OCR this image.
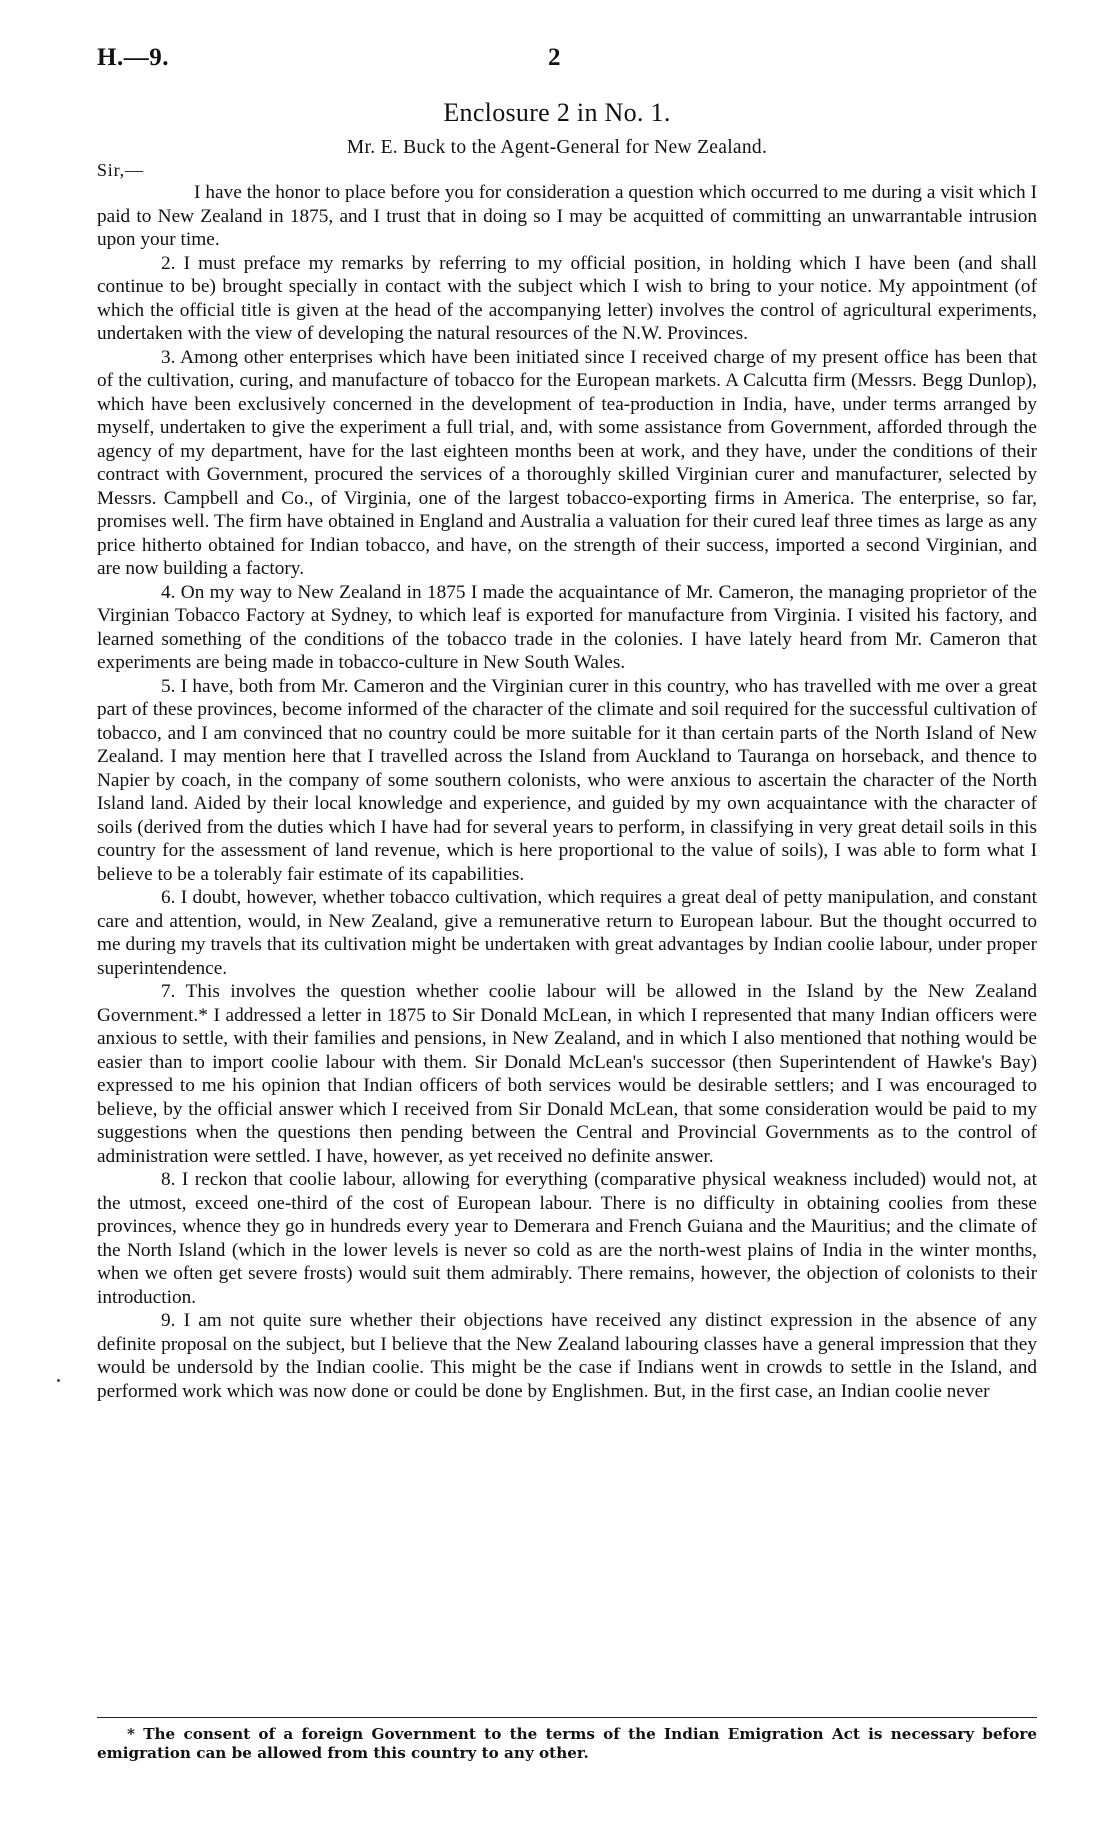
H.—9.	2
Enclosure 2 in No. 1.
Mr. E. Buck to the Agent-General for New Zealand.
Sir,—

I have the honor to place before you for consideration a question which occurred to me during a visit which I paid to New Zealand in 1875, and I trust that in doing so I may be acquitted of committing an unwarrantable intrusion upon your time.

2. I must preface my remarks by referring to my official position, in holding which I have been (and shall continue to be) brought specially in contact with the subject which I wish to bring to your notice. My appointment (of which the official title is given at the head of the accompanying letter) involves the control of agricultural experiments, undertaken with the view of developing the natural resources of the N.W. Provinces.

3. Among other enterprises which have been initiated since I received charge of my present office has been that of the cultivation, curing, and manufacture of tobacco for the European markets. A Calcutta firm (Messrs. Begg Dunlop), which have been exclusively concerned in the development of tea-production in India, have, under terms arranged by myself, undertaken to give the experiment a full trial, and, with some assistance from Government, afforded through the agency of my department, have for the last eighteen months been at work, and they have, under the conditions of their contract with Government, procured the services of a thoroughly skilled Virginian curer and manufacturer, selected by Messrs. Campbell and Co., of Virginia, one of the largest tobacco-exporting firms in America. The enterprise, so far, promises well. The firm have obtained in England and Australia a valuation for their cured leaf three times as large as any price hitherto obtained for Indian tobacco, and have, on the strength of their success, imported a second Virginian, and are now building a factory.

4. On my way to New Zealand in 1875 I made the acquaintance of Mr. Cameron, the managing proprietor of the Virginian Tobacco Factory at Sydney, to which leaf is exported for manufacture from Virginia. I visited his factory, and learned something of the conditions of the tobacco trade in the colonies. I have lately heard from Mr. Cameron that experiments are being made in tobacco-culture in New South Wales.

5. I have, both from Mr. Cameron and the Virginian curer in this country, who has travelled with me over a great part of these provinces, become informed of the character of the climate and soil required for the successful cultivation of tobacco, and I am convinced that no country could be more suitable for it than certain parts of the North Island of New Zealand. I may mention here that I travelled across the Island from Auckland to Tauranga on horseback, and thence to Napier by coach, in the company of some southern colonists, who were anxious to ascertain the character of the North Island land. Aided by their local knowledge and experience, and guided by my own acquaintance with the character of soils (derived from the duties which I have had for several years to perform, in classifying in very great detail soils in this country for the assessment of land revenue, which is here proportional to the value of soils), I was able to form what I believe to be a tolerably fair estimate of its capabilities.

6. I doubt, however, whether tobacco cultivation, which requires a great deal of petty manipulation, and constant care and attention, would, in New Zealand, give a remunerative return to European labour. But the thought occurred to me during my travels that its cultivation might be undertaken with great advantages by Indian coolie labour, under proper superintendence.

7. This involves the question whether coolie labour will be allowed in the Island by the New Zealand Government.* I addressed a letter in 1875 to Sir Donald McLean, in which I represented that many Indian officers were anxious to settle, with their families and pensions, in New Zealand, and in which I also mentioned that nothing would be easier than to import coolie labour with them. Sir Donald McLean's successor (then Superintendent of Hawke's Bay) expressed to me his opinion that Indian officers of both services would be desirable settlers; and I was encouraged to believe, by the official answer which I received from Sir Donald McLean, that some consideration would be paid to my suggestions when the questions then pending between the Central and Provincial Governments as to the control of administration were settled. I have, however, as yet received no definite answer.

8. I reckon that coolie labour, allowing for everything (comparative physical weakness included) would not, at the utmost, exceed one-third of the cost of European labour. There is no difficulty in obtaining coolies from these provinces, whence they go in hundreds every year to Demerara and French Guiana and the Mauritius; and the climate of the North Island (which in the lower levels is never so cold as are the north-west plains of India in the winter months, when we often get severe frosts) would suit them admirably. There remains, however, the objection of colonists to their introduction.

9. I am not quite sure whether their objections have received any distinct expression in the absence of any definite proposal on the subject, but I believe that the New Zealand labouring classes have a general impression that they would be undersold by the Indian coolie. This might be the case if Indians went in crowds to settle in the Island, and performed work which was now done or could be done by Englishmen. But, in the first case, an Indian coolie never

* The consent of a foreign Government to the terms of the Indian Emigration Act is necessary before emigration can be allowed from this country to any other.
